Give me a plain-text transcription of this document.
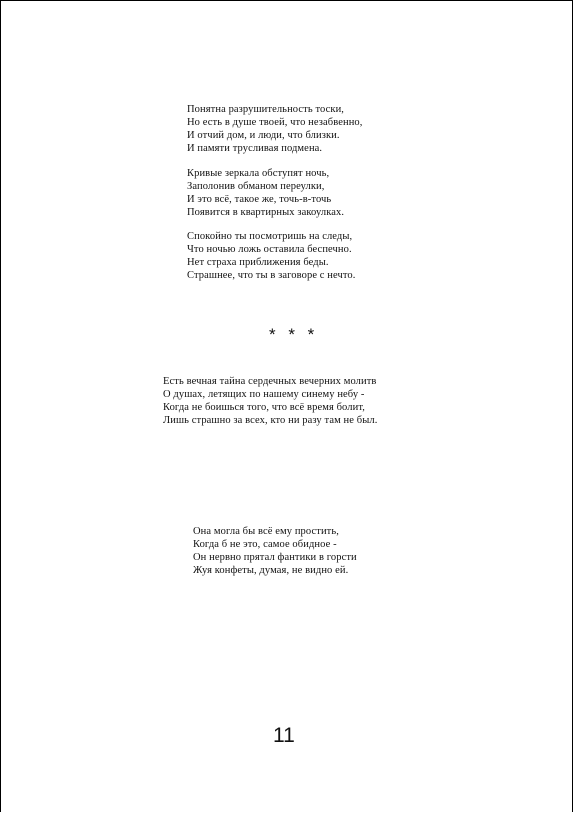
Понятна разрушительность тоски,
Но есть в душе твоей, что незабвенно,
И отчий дом, и люди, что близки.
И памяти трусливая подмена.
Кривые зеркала обступят ночь,
Заполонив обманом переулки,
И это всё, такое же, точь-в-точь
Появится в квартирных закоулках.
Спокойно ты посмотришь на следы,
Что ночью ложь оставила беспечно.
Нет страха приближения беды.
Страшнее, что ты в заговоре с нечто.
* * *
Есть вечная тайна сердечных вечерних молитв
О душах, летящих по нашему синему небу -
Когда не боишься того, что всё время болит,
Лишь страшно за всех, кто ни разу там не был.
Она могла бы всё ему простить,
Когда б не это, самое обидное -
Он нервно прятал фантики в горсти
Жуя конфеты, думая, не видно ей.
11
